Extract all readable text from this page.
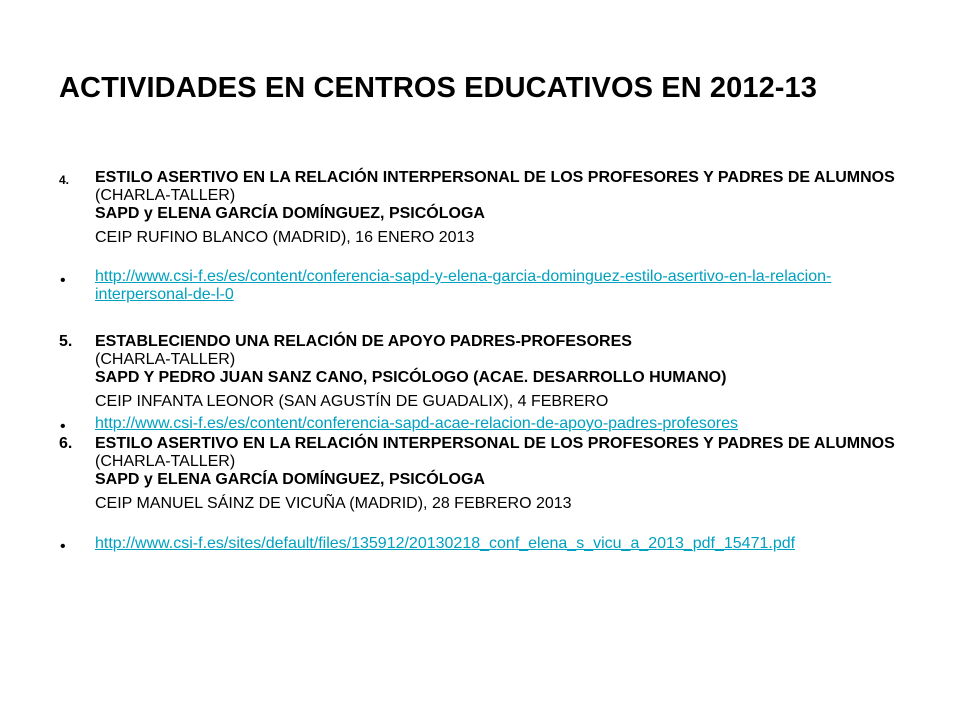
ACTIVIDADES EN CENTROS EDUCATIVOS EN 2012-13
4. ESTILO ASERTIVO EN LA RELACIÓN INTERPERSONAL DE LOS PROFESORES Y PADRES DE ALUMNOS
(CHARLA-TALLER)
SAPD y ELENA GARCÍA DOMÍNGUEZ, PSICÓLOGA
CEIP RUFINO BLANCO (MADRID), 16 ENERO 2013
• http://www.csi-f.es/es/content/conferencia-sapd-y-elena-garcia-dominguez-estilo-asertivo-en-la-relacion-interpersonal-de-l-0
5. ESTABLECIENDO UNA RELACIÓN DE APOYO PADRES-PROFESORES
(CHARLA-TALLER)
SAPD Y PEDRO JUAN SANZ CANO, PSICÓLOGO (ACAE. DESARROLLO HUMANO)
CEIP INFANTA LEONOR (SAN AGUSTÍN DE GUADALIX), 4 FEBRERO
• http://www.csi-f.es/es/content/conferencia-sapd-acae-relacion-de-apoyo-padres-profesores
6. ESTILO ASERTIVO EN LA RELACIÓN INTERPERSONAL DE LOS PROFESORES Y PADRES DE ALUMNOS
(CHARLA-TALLER)
SAPD y ELENA GARCÍA DOMÍNGUEZ, PSICÓLOGA
CEIP MANUEL SÁINZ DE VICUÑA (MADRID), 28 FEBRERO 2013
• http://www.csi-f.es/sites/default/files/135912/20130218_conf_elena_s_vicu_a_2013_pdf_15471.pdf
